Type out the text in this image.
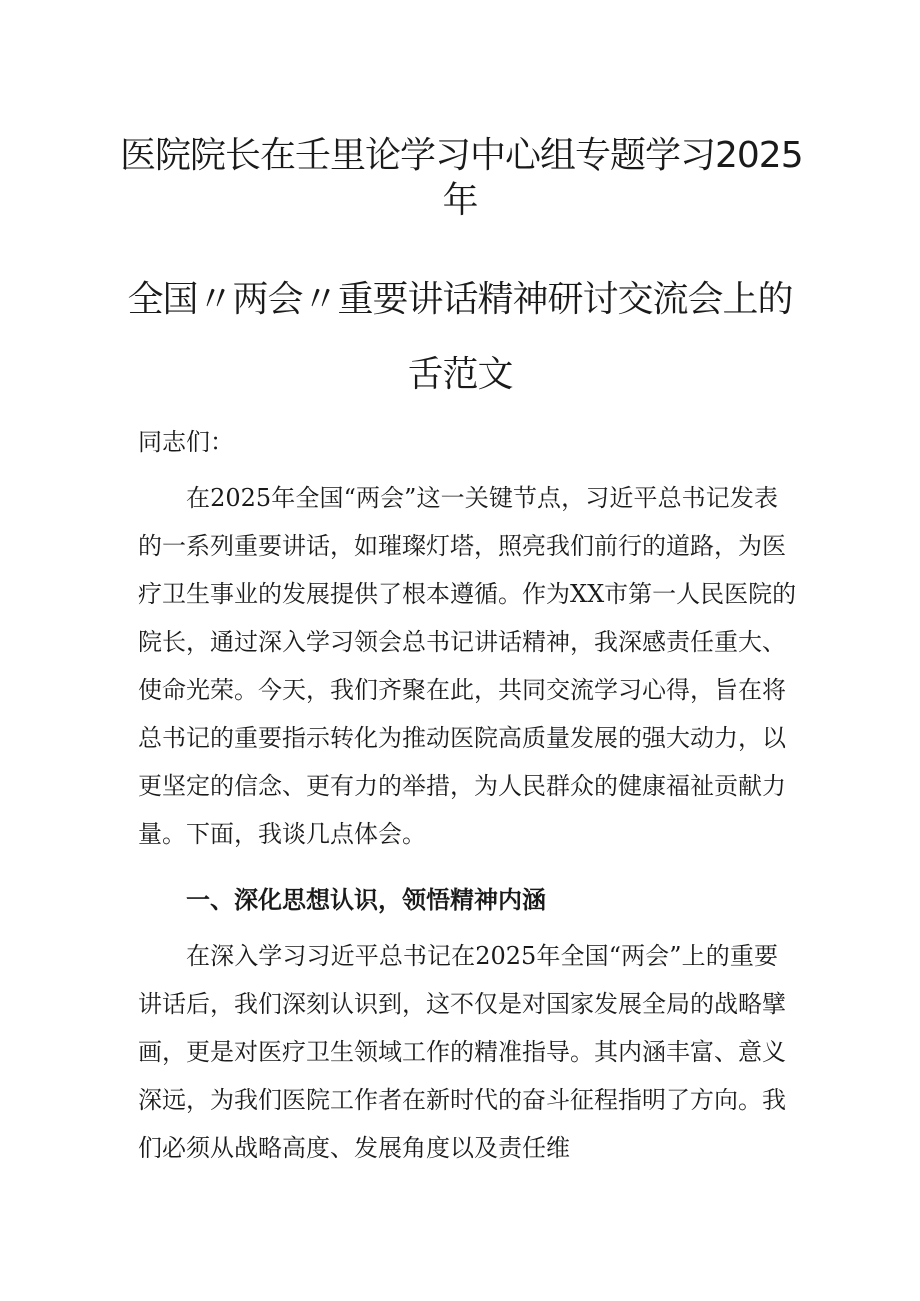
医院院长在壬里论学习中心组专题学习2025
年
全国〃两会〃重要讲话精神研讨交流会上的
舌范文

同志们：

在2025年全国“两会”这一关键节点，习近平总书记发表

的一系列重要讲话，如璀璨灯塔，照亮我们前行的道路，为医

疗卫生事业的发展提供了根本遵循。作为XX市第一人民医院的

院长，通过深入学习领会总书记讲话精神，我深感责任重大、

使命光荣。今天，我们齐聚在此，共同交流学习心得，旨在将

总书记的重要指示转化为推动医院高质量发展的强大动力，以

更坚定的信念、更有力的举措，为人民群众的健康福祉贡献力

量。下面，我谈几点体会。

一、深化思想认识，领悟精神内涵

在深入学习习近平总书记在2025年全国“两会”上的重要

讲话后，我们深刻认识到，这不仅是对国家发展全局的战略擘

画，更是对医疗卫生领域工作的精准指导。其内涵丰富、意义

深远，为我们医院工作者在新时代的奋斗征程指明了方向。我

们必须从战略高度、发展角度以及责任维
